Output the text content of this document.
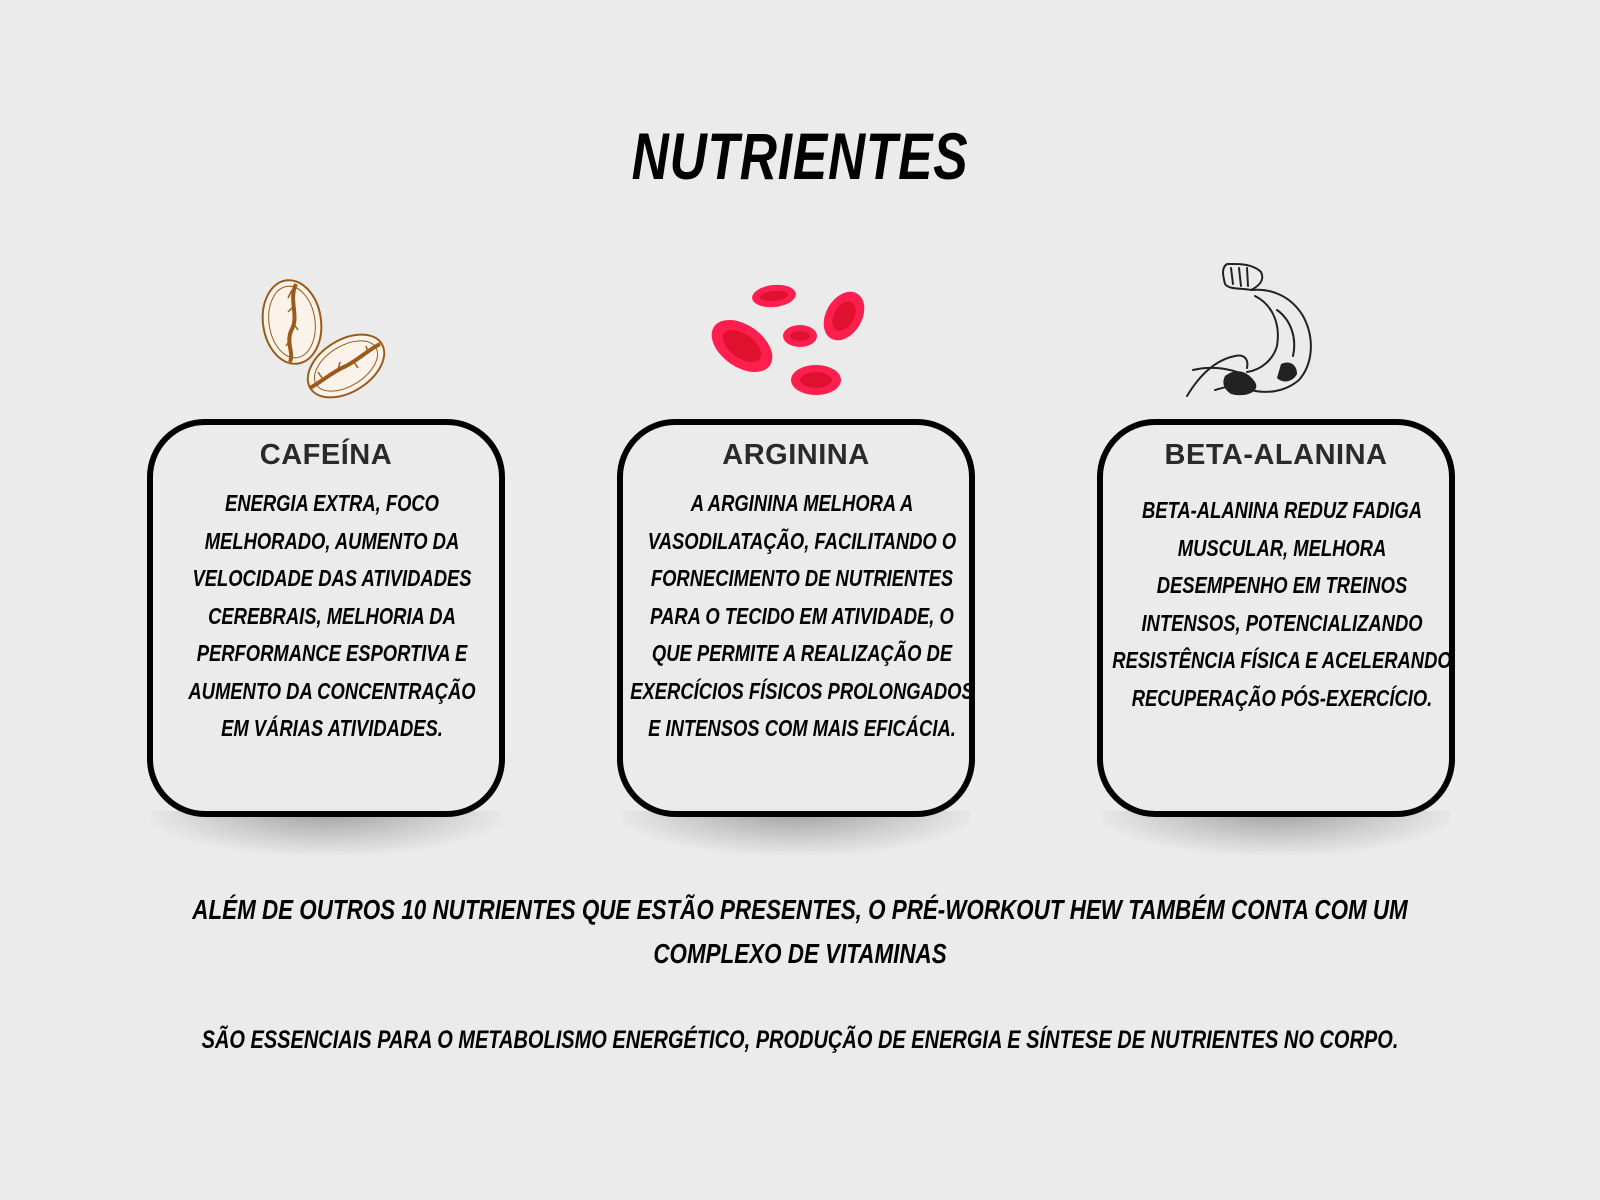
NUTRIENTES
CAFEÍNA
ENERGIA EXTRA, FOCO
MELHORADO, AUMENTO DA
VELOCIDADE DAS ATIVIDADES
CEREBRAIS, MELHORIA DA
PERFORMANCE ESPORTIVA E
AUMENTO DA CONCENTRAÇÃO
EM VÁRIAS ATIVIDADES.
ARGININA
A ARGININA MELHORA A
VASODILATAÇÃO, FACILITANDO O
FORNECIMENTO DE NUTRIENTES
PARA O TECIDO EM ATIVIDADE, O
QUE PERMITE A REALIZAÇÃO DE
EXERCÍCIOS FÍSICOS PROLONGADOS
E INTENSOS COM MAIS EFICÁCIA.
BETA-ALANINA
BETA-ALANINA REDUZ FADIGA
MUSCULAR, MELHORA
DESEMPENHO EM TREINOS
INTENSOS, POTENCIALIZANDO
RESISTÊNCIA FÍSICA E ACELERANDO
RECUPERAÇÃO PÓS-EXERCÍCIO.
ALÉM DE OUTROS 10 NUTRIENTES QUE ESTÃO PRESENTES, O PRÉ-WORKOUT HEW TAMBÉM CONTA COM UM
COMPLEXO DE VITAMINAS
SÃO ESSENCIAIS PARA O METABOLISMO ENERGÉTICO, PRODUÇÃO DE ENERGIA E SÍNTESE DE NUTRIENTES NO CORPO.
